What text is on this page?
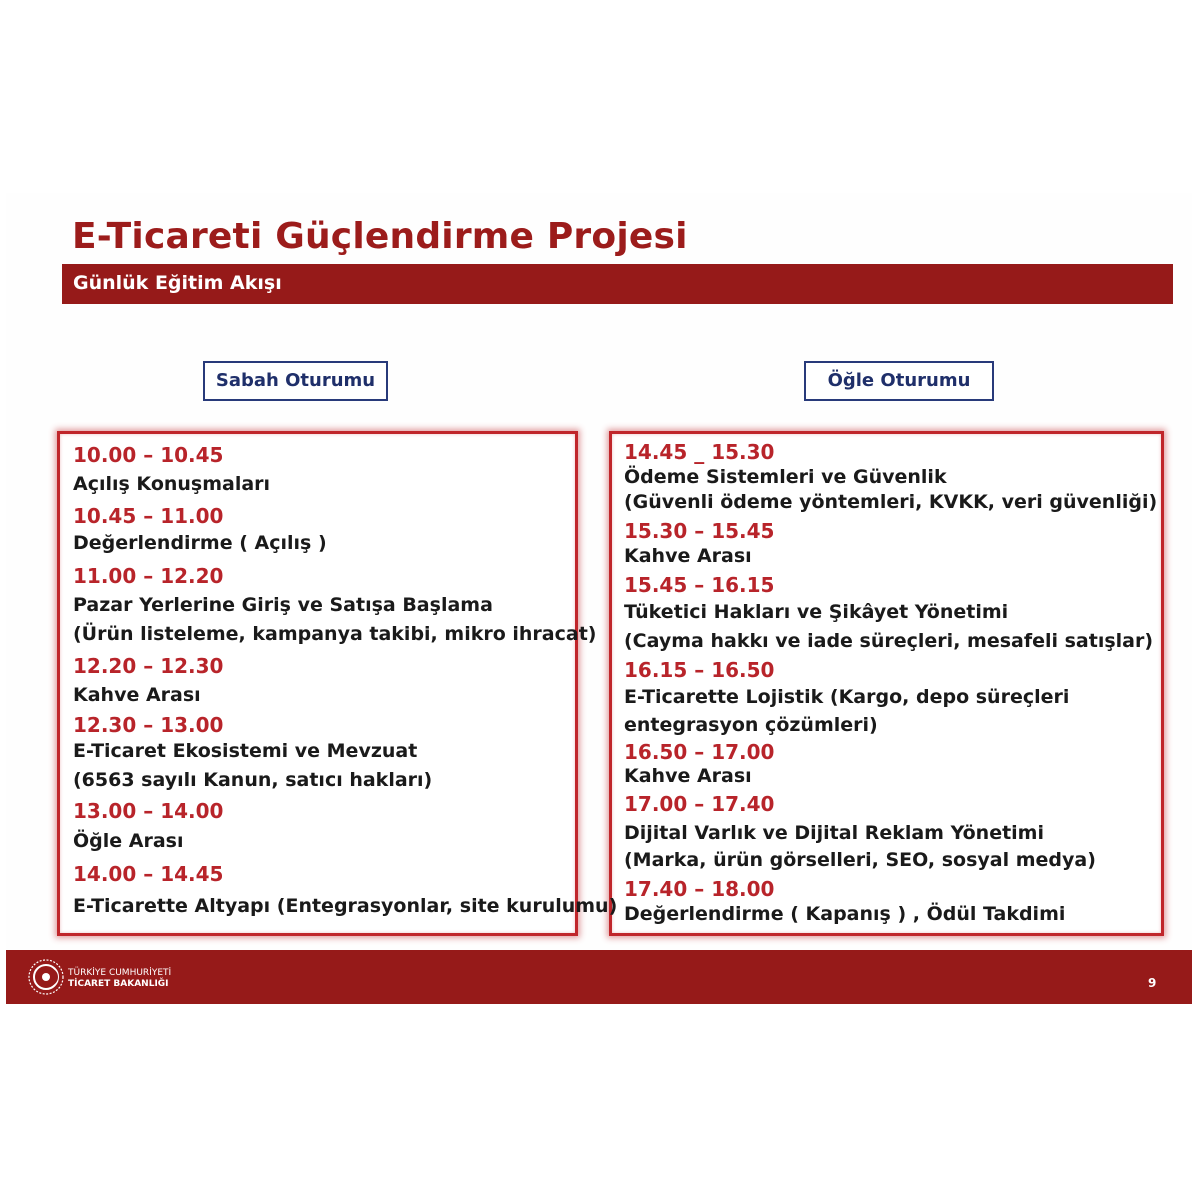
E-Ticareti Güçlendirme Projesi
Günlük Eğitim Akışı
Sabah Oturumu	Öğle Oturumu
10.00 – 10.45
Açılış Konuşmaları
10.45 – 11.00
Değerlendirme ( Açılış )
11.00 – 12.20
Pazar Yerlerine Giriş ve Satışa Başlama
(Ürün listeleme, kampanya takibi, mikro ihracat)
12.20 – 12.30
Kahve Arası
12.30 – 13.00
E-Ticaret Ekosistemi ve Mevzuat
(6563 sayılı Kanun, satıcı hakları)
13.00 – 14.00
Öğle Arası
14.00 – 14.45
E-Ticarette Altyapı (Entegrasyonlar, site kurulumu)
14.45 _ 15.30
Ödeme Sistemleri ve Güvenlik
(Güvenli ödeme yöntemleri, KVKK, veri güvenliği)
15.30 – 15.45
Kahve Arası
15.45 – 16.15
Tüketici Hakları ve Şikâyet Yönetimi
(Cayma hakkı ve iade süreçleri, mesafeli satışlar)
16.15 – 16.50
E-Ticarette Lojistik (Kargo, depo süreçleri
entegrasyon çözümleri)
16.50 – 17.00
Kahve Arası
17.00 – 17.40
Dijital Varlık ve Dijital Reklam Yönetimi
(Marka, ürün görselleri, SEO, sosyal medya)
17.40 – 18.00
Değerlendirme ( Kapanış ) , Ödül Takdimi
TÜRKİYE CUMHURİYETİ
TİCARET BAKANLIĞI	9
